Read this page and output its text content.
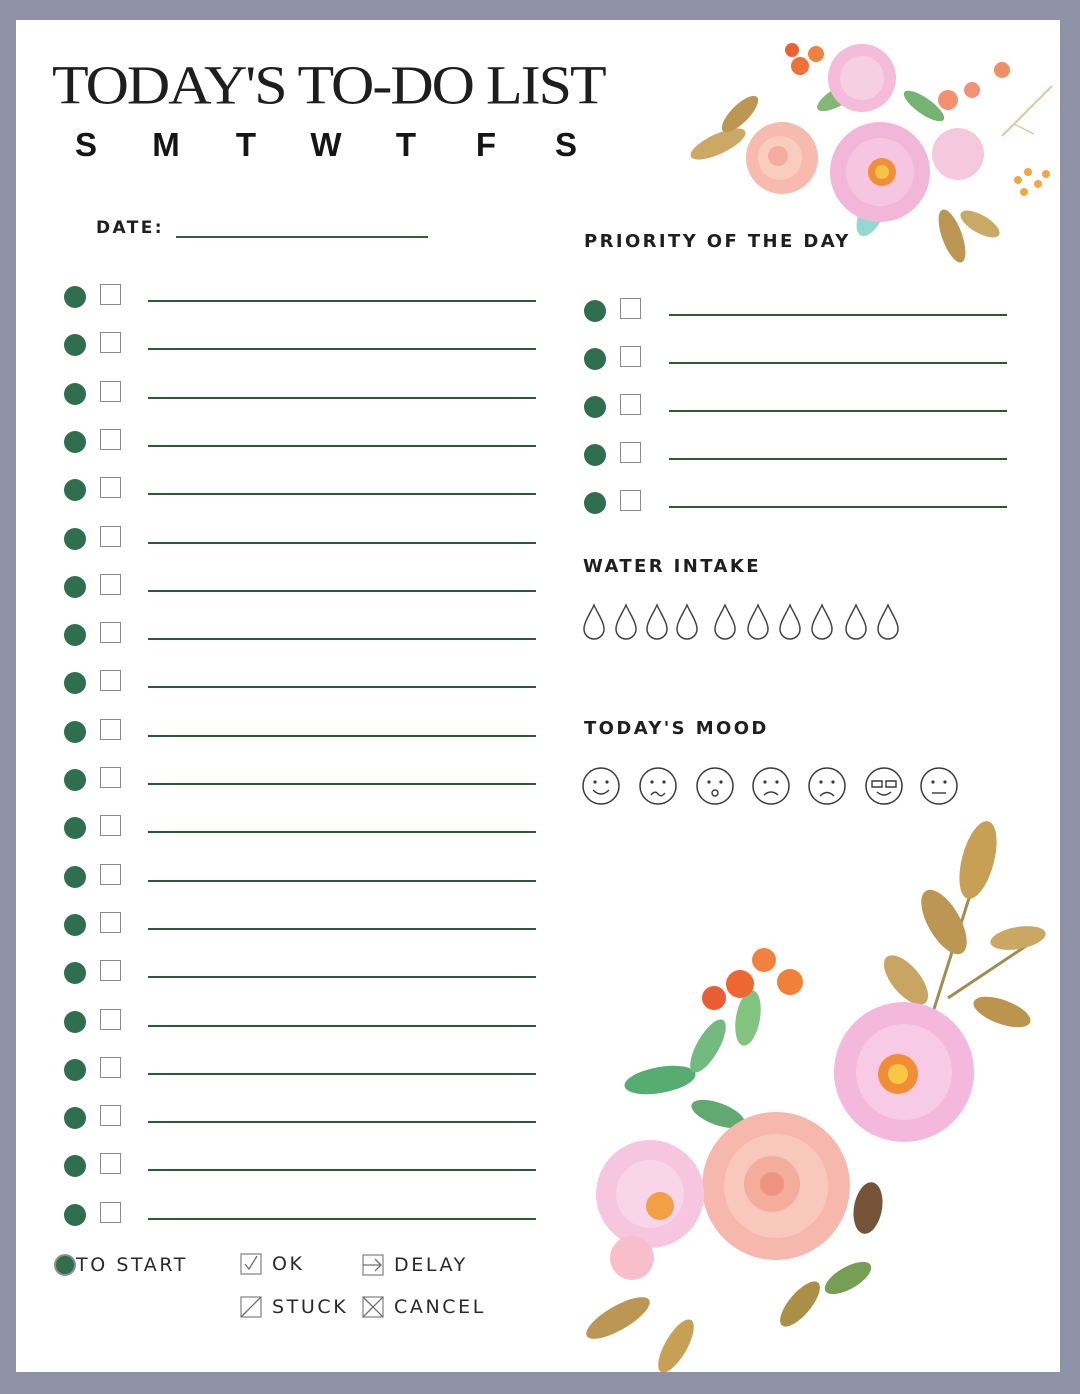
TODAY'S TO-DO LIST
S M	T	W	T	F	S
DATE:
PRIORITY OF THE DAY
WATER INTAKE
TODAY'S MOOD
TO START	OK	DELAY
STUCK CANCEL
